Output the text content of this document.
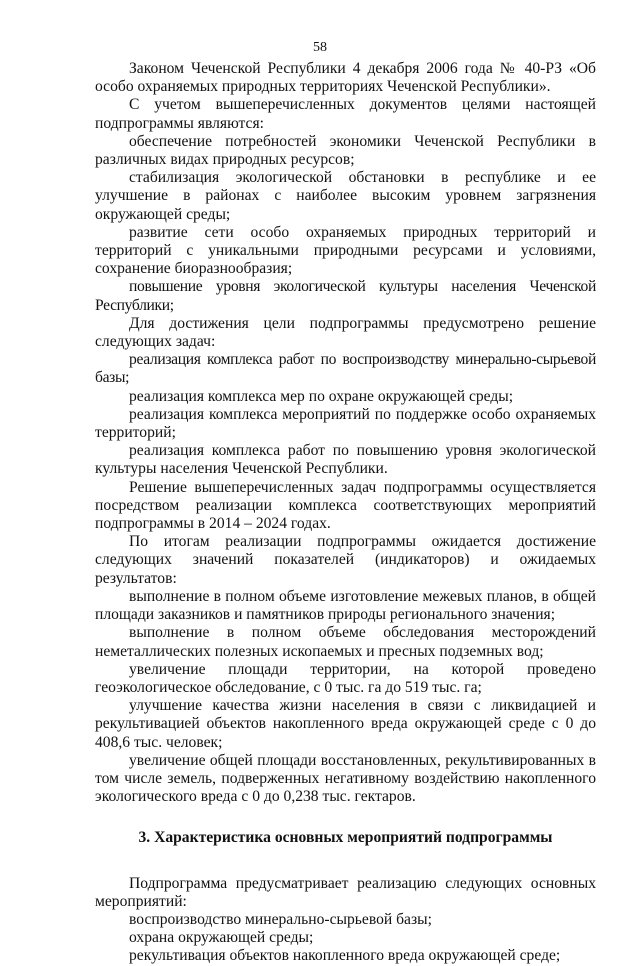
58

Законом Чеченской Республики 4 декабря 2006 года № 40-РЗ «Об особо охраняемых природных территориях Чеченской Республики».

С учетом вышеперечисленных документов целями настоящей подпрограммы являются:

обеспечение потребностей экономики Чеченской Республики в различных видах природных ресурсов;

стабилизация экологической обстановки в республике и ее улучшение в районах с наиболее высоким уровнем загрязнения окружающей среды;

развитие сети особо охраняемых природных территорий и территорий с уникальными природными ресурсами и условиями, сохранение биоразнообразия;

повышение уровня экологической культуры населения Чеченской Республики;

Для достижения цели подпрограммы предусмотрено решение следующих задач:

реализация комплекса работ по воспроизводству минерально-сырьевой базы;

реализация комплекса мер по охране окружающей среды;

реализация комплекса мероприятий по поддержке особо охраняемых территорий;

реализация комплекса работ по повышению уровня экологической культуры населения Чеченской Республики.

Решение вышеперечисленных задач подпрограммы осуществляется посредством реализации комплекса соответствующих мероприятий подпрограммы в 2014 – 2024 годах.

По итогам реализации подпрограммы ожидается достижение следующих значений показателей (индикаторов) и ожидаемых результатов:

выполнение в полном объеме изготовление межевых планов, в общей площади заказников и памятников природы регионального значения;

выполнение в полном объеме обследования месторождений неметаллических полезных ископаемых и пресных подземных вод;

увеличение площади территории, на которой проведено геоэкологическое обследование, с 0 тыс. га до 519 тыс. га;

улучшение качества жизни населения в связи с ликвидацией и рекультивацией объектов накопленного вреда окружающей среде с 0 до 408,6 тыс. человек;

увеличение общей площади восстановленных, рекультивированных в том числе земель, подверженных негативному воздействию накопленного экологического вреда с 0 до 0,238 тыс. гектаров.

3. Характеристика основных мероприятий подпрограммы

Подпрограмма предусматривает реализацию следующих основных мероприятий:

воспроизводство минерально-сырьевой базы;

охрана окружающей среды;

рекультивация объектов накопленного вреда окружающей среде;
